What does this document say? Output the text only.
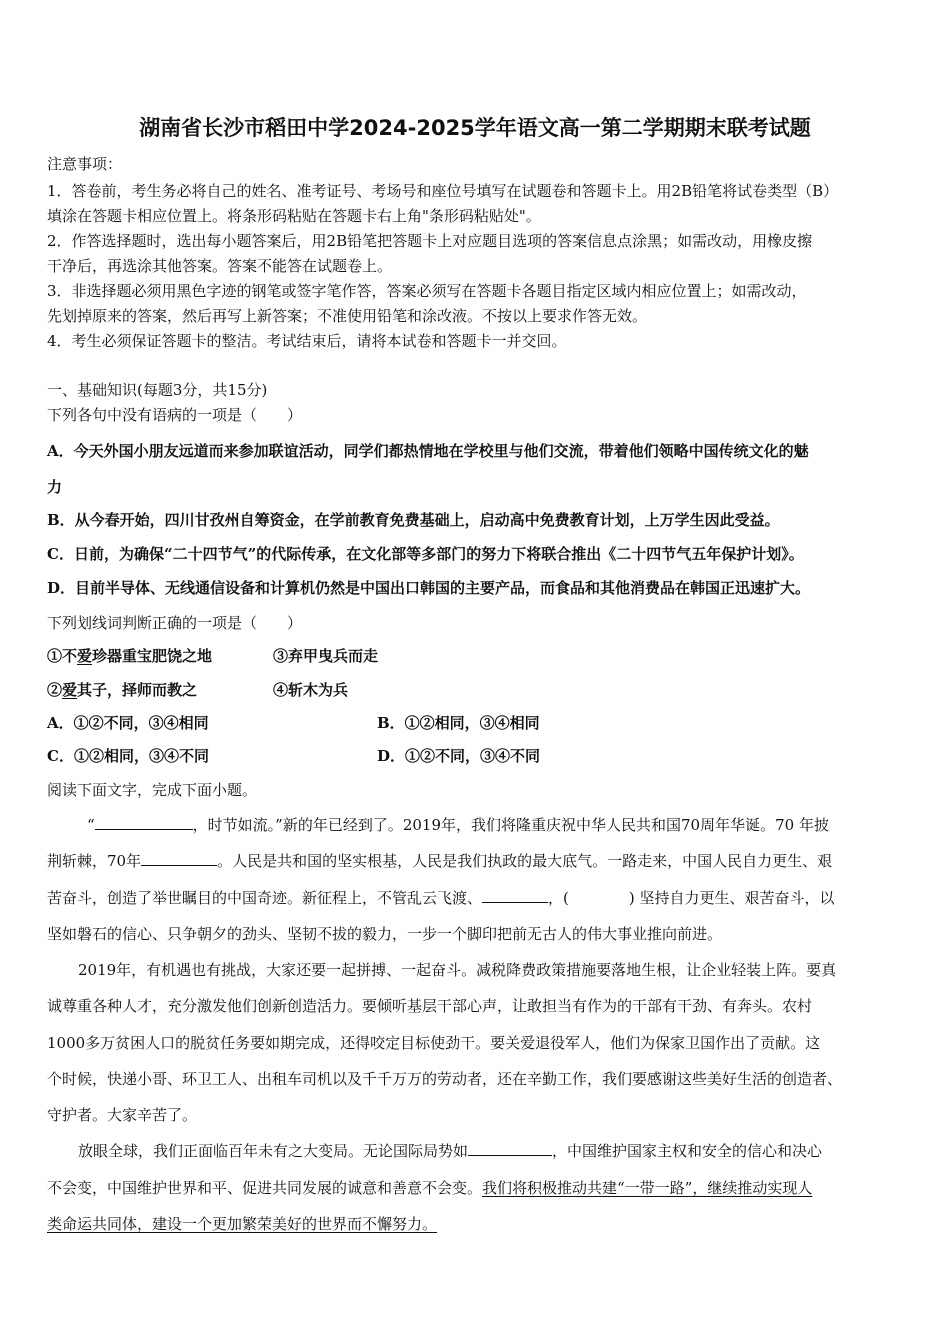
湖南省长沙市稻田中学2024-2025学年语文高一第二学期期末联考试题
注意事项：
1．答卷前，考生务必将自己的姓名、准考证号、考场号和座位号填写在试题卷和答题卡上。用2B铅笔将试卷类型（B）
填涂在答题卡相应位置上。将条形码粘贴在答题卡右上角"条形码粘贴处"。
2．作答选择题时，选出每小题答案后，用2B铅笔把答题卡上对应题目选项的答案信息点涂黑；如需改动，用橡皮擦
干净后，再选涂其他答案。答案不能答在试题卷上。
3．非选择题必须用黑色字迹的钢笔或签字笔作答，答案必须写在答题卡各题目指定区域内相应位置上；如需改动，
先划掉原来的答案，然后再写上新答案；不准使用铅笔和涂改液。不按以上要求作答无效。
4．考生必须保证答题卡的整洁。考试结束后，请将本试卷和答题卡一并交回。
一、基础知识(每题3分，共15分)
下列各句中没有语病的一项是（　　）
A．今天外国小朋友远道而来参加联谊活动，同学们都热情地在学校里与他们交流，带着他们领略中国传统文化的魅
力
B．从今春开始，四川甘孜州自筹资金，在学前教育免费基础上，启动高中免费教育计划，上万学生因此受益。
C．日前，为确保“二十四节气”的代际传承，在文化部等多部门的努力下将联合推出《二十四节气五年保护计划》。
D．目前半导体、无线通信设备和计算机仍然是中国出口韩国的主要产品，而食品和其他消费品在韩国正迅速扩大。
下列划线词判断正确的一项是（　　）
①不爱珍器重宝肥饶之地	③弃甲曳兵而走
②爱其子，择师而教之	④斩木为兵
A．①②不同，③④相同	B．①②相同，③④相同
C．①②相同，③④不同	D．①②不同，③④不同
阅读下面文字，完成下面小题。
“	，时节如流。”新的年已经到了。2019年，我们将隆重庆祝中华人民共和国70周年华诞。70 年披
荆斩棘，70年	。人民是共和国的坚实根基，人民是我们执政的最大底气。一路走来，中国人民自力更生、艰
苦奋斗，创造了举世瞩目的中国奇迹。新征程上，不管乱云飞渡、	，(　　　　) 坚持自力更生、艰苦奋斗，以
坚如磐石的信心、只争朝夕的劲头、坚韧不拔的毅力，一步一个脚印把前无古人的伟大事业推向前进。
2019年，有机遇也有挑战，大家还要一起拼搏、一起奋斗。减税降费政策措施要落地生根，让企业轻装上阵。要真
诚尊重各种人才，充分激发他们创新创造活力。要倾听基层干部心声，让敢担当有作为的干部有干劲、有奔头。农村
1000多万贫困人口的脱贫任务要如期完成，还得咬定目标使劲干。要关爱退役军人，他们为保家卫国作出了贡献。这
个时候，快递小哥、环卫工人、出租车司机以及千千万万的劳动者，还在辛勤工作，我们要感谢这些美好生活的创造者、
守护者。大家辛苦了。
放眼全球，我们正面临百年未有之大变局。无论国际局势如	，中国维护国家主权和安全的信心和决心
不会变，中国维护世界和平、促进共同发展的诚意和善意不会变。我们将积极推动共建“一带一路”，继续推动实现人
类命运共同体，建设一个更加繁荣美好的世界而不懈努力。
